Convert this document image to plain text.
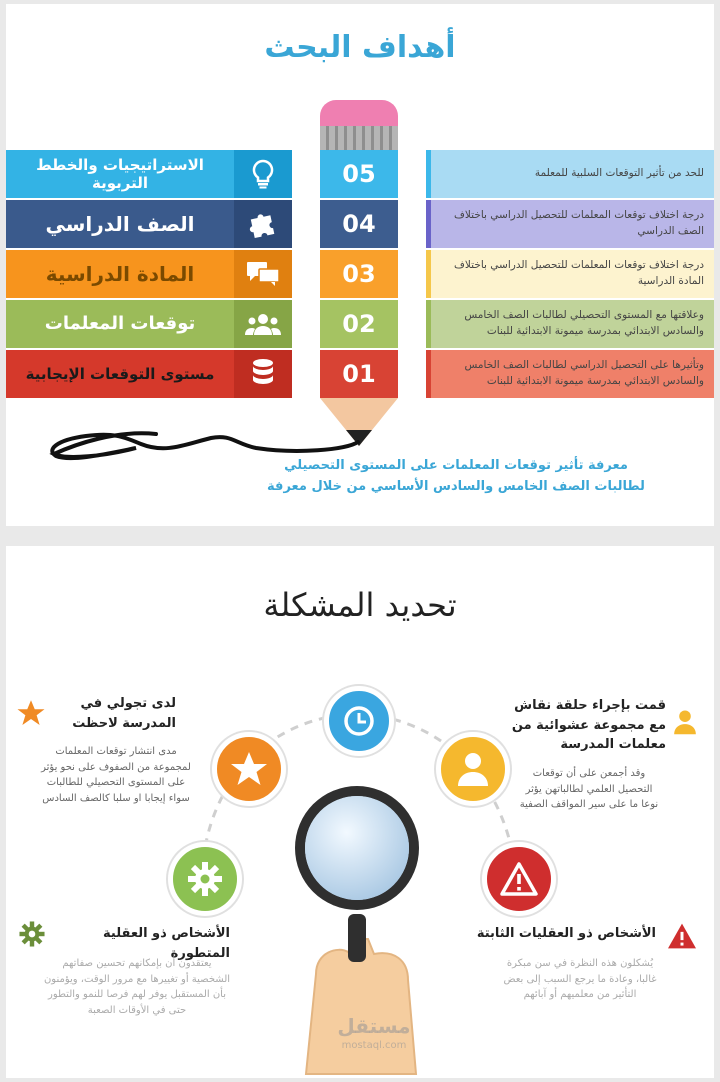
أهداف البحث
الاستراتيجيات والخطط التربوية
الصف الدراسي
المادة الدراسية
توقعات المعلمات
مستوى التوقعات الإيجابية
05
04
03
02
01
للحد من تأثير التوقعات السلبية للمعلمة
درجة اختلاف توقعات المعلمات للتحصيل الدراسي باختلاف الصف الدراسي
درجة اختلاف توقعات المعلمات للتحصيل الدراسي باختلاف المادة الدراسية
وعلاقتها مع المستوى التحصيلي لطالبات الصف الخامس والسادس الابتدائي بمدرسة ميمونة الابتدائية للبنات
وتأثيرها على التحصيل الدراسي لطالبات الصف الخامس والسادس الابتدائي بمدرسة ميمونة الابتدائية للبنات
معرفة تأثير توقعات المعلمات على المستوى التحصيلي لطالبات الصف الخامس والسادس الأساسي من خلال معرفة
تحديد المشكلة
لدى تجولي في المدرسة لاحظت
مدى انتشار توقعات المعلمات لمجموعة من الصفوف على نحو يؤثر على المستوى التحصيلي للطالبات سواء إيجابا او سلبا كالصف السادس
قمت بإجراء حلقة نقاش مع مجموعة عشوائية من معلمات المدرسة
وقد أجمعن على أن توقعات التحصيل العلمي لطالباتهن يؤثر نوعا ما على سير المواقف الصفية
الأشخاص ذو العقلية المتطورة
يعتقدون أن بإمكانهم تحسين صفاتهم الشخصية أو تغييرها مع مرور الوقت، ويؤمنون بأن المستقبل يوفر لهم فرصا للنمو والتطور حتى في الأوقات الصعبة
الأشخاص ذو العقليات الثابتة
يُشكلون هذه النظرة في سن مبكرة غالبا، وعادة ما يرجع السبب إلى بعض التأثير من معلميهم أو آبائهم
مستقل
mostaql.com
